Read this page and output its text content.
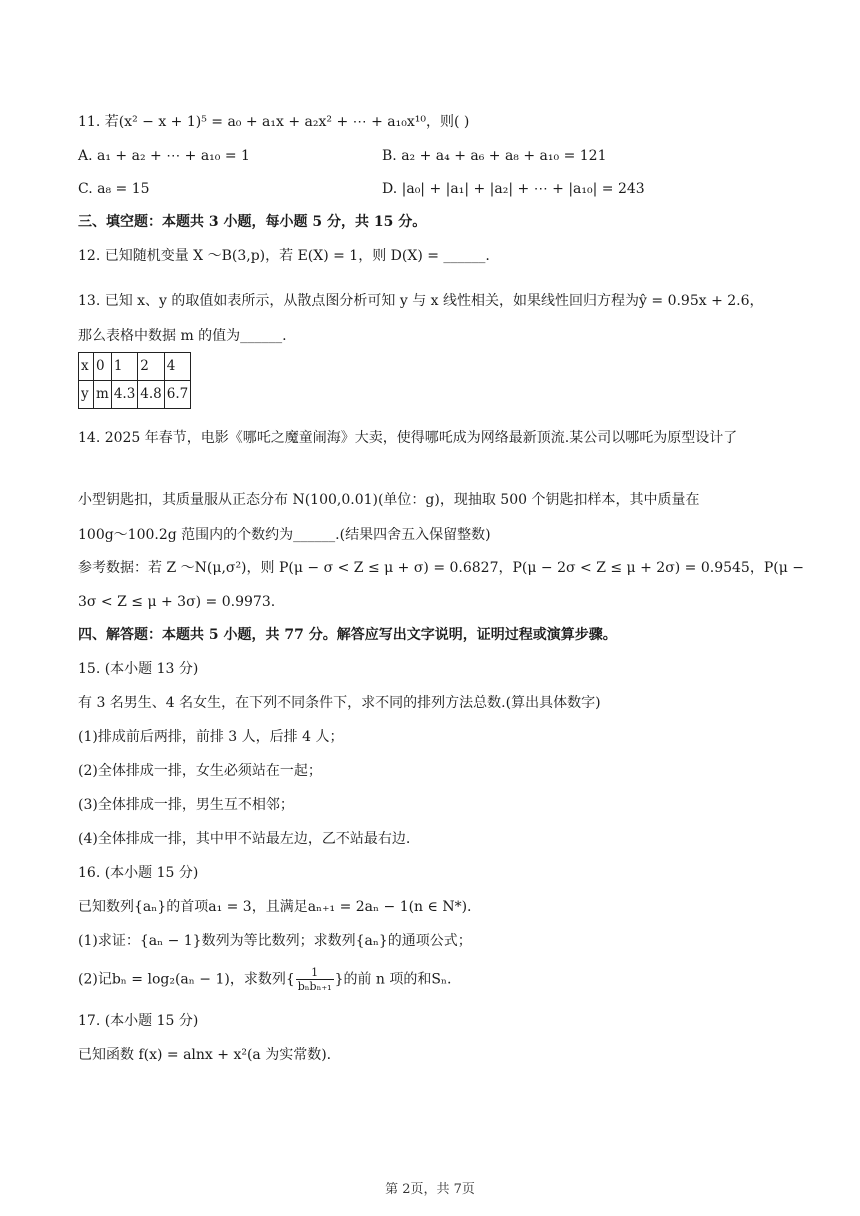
11. 若(x² − x + 1)⁵ = a₀ + a₁x + a₂x² + ⋯ + a₁₀x¹⁰，则( )
A. a₁ + a₂ + ⋯ + a₁₀ = 1	B. a₂ + a₄ + a₆ + a₈ + a₁₀ = 121
C. a₈ = 15	D. |a₀| + |a₁| + |a₂| + ⋯ + |a₁₀| = 243
三、填空题：本题共 3 小题，每小题 5 分，共 15 分。
12. 已知随机变量 X ～B(3,p)，若 E(X) = 1，则 D(X) = ______.
13. 已知 x、y 的取值如表所示，从散点图分析可知 y 与 x 线性相关，如果线性回归方程为ŷ = 0.95x + 2.6，
那么表格中数据 m 的值为______.
x	0	1	2	4
y	m	4.3	4.8	6.7
14. 2025 年春节，电影《哪吒之魔童闹海》大卖，使得哪吒成为网络最新顶流.某公司以哪吒为原型设计了
小型钥匙扣，其质量服从正态分布 N(100,0.01)(单位：g)，现抽取 500 个钥匙扣样本，其中质量在
100g～100.2g 范围内的个数约为______.(结果四舍五入保留整数)
参考数据：若 Z ～N(μ,σ²)，则 P(μ − σ < Z ≤ μ + σ) = 0.6827，P(μ − 2σ < Z ≤ μ + 2σ) = 0.9545，P(μ −
3σ < Z ≤ μ + 3σ) = 0.9973.
四、解答题：本题共 5 小题，共 77 分。解答应写出文字说明，证明过程或演算步骤。
15. (本小题 13 分)
有 3 名男生、4 名女生，在下列不同条件下，求不同的排列方法总数.(算出具体数字)
(1)排成前后两排，前排 3 人，后排 4 人；
(2)全体排成一排，女生必须站在一起；
(3)全体排成一排，男生互不相邻；
(4)全体排成一排，其中甲不站最左边，乙不站最右边.
16. (本小题 15 分)
已知数列{aₙ}的首项a₁ = 3，且满足aₙ₊₁ = 2aₙ − 1(n ∈ N*).
(1)求证：{aₙ − 1}数列为等比数列；求数列{aₙ}的通项公式；
(2)记bₙ = log₂(aₙ − 1)，求数列{	1
bₙbₙ₊₁ }的前 n 项的和Sₙ.
17. (本小题 15 分)
已知函数 f(x) = alnx + x²(a 为实常数).
第 2页，共 7页
